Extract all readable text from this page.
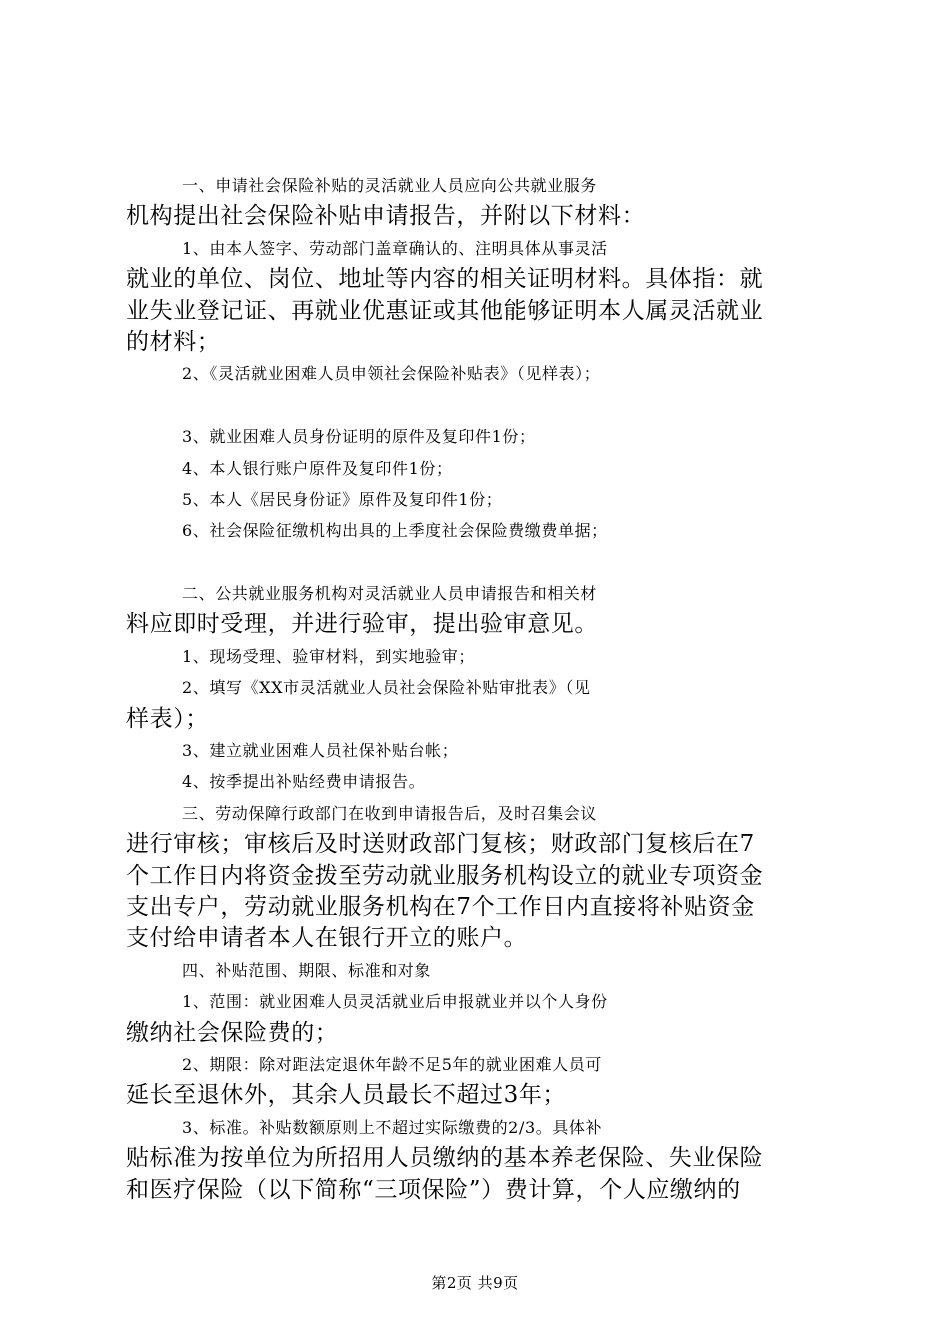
一、申请社会保险补贴的灵活就业人员应向公共就业服务
机构提出社会保险补贴申请报告，并附以下材料：
1、由本人签字、劳动部门盖章确认的、注明具体从事灵活
就业的单位、岗位、地址等内容的相关证明材料。具体指：就
业失业登记证、再就业优惠证或其他能够证明本人属灵活就业
的材料；
2、《灵活就业困难人员申领社会保险补贴表》（见样表）；
3、就业困难人员身份证明的原件及复印件1份；
4、本人银行账户原件及复印件1份；
5、本人《居民身份证》原件及复印件1份；
6、社会保险征缴机构出具的上季度社会保险费缴费单据；
二、公共就业服务机构对灵活就业人员申请报告和相关材
料应即时受理，并进行验审，提出验审意见。
1、现场受理、验审材料，到实地验审；
2、填写《XX市灵活就业人员社会保险补贴审批表》（见
样表）；
3、建立就业困难人员社保补贴台帐；
4、按季提出补贴经费申请报告。
三、劳动保障行政部门在收到申请报告后，及时召集会议
进行审核；审核后及时送财政部门复核；财政部门复核后在7
个工作日内将资金拨至劳动就业服务机构设立的就业专项资金
支出专户，劳动就业服务机构在7个工作日内直接将补贴资金
支付给申请者本人在银行开立的账户。
四、补贴范围、期限、标准和对象
1、范围：就业困难人员灵活就业后申报就业并以个人身份
缴纳社会保险费的；
2、期限：除对距法定退休年龄不足5年的就业困难人员可
延长至退休外，其余人员最长不超过3年；
3、标准。补贴数额原则上不超过实际缴费的2/3。具体补
贴标准为按单位为所招用人员缴纳的基本养老保险、失业保险
和医疗保险（以下简称“三项保险”）费计算，个人应缴纳的
第2页 共9页
